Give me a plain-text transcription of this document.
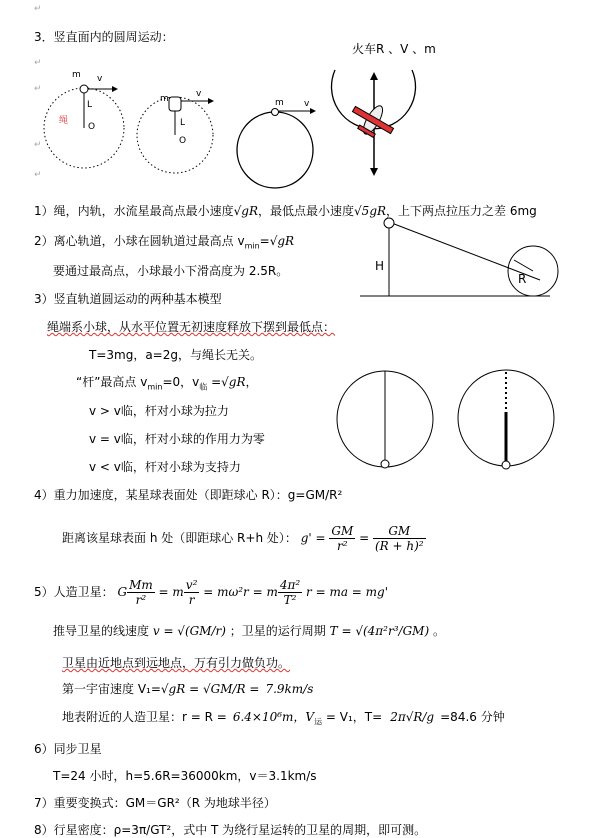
↵
↵
↵
↵
↵
3．竖直面内的圆周运动：
火车R 、V 、m
m v
L
绳
O
m	v
L
O
m v
1）绳，内轨，水流星最高点最小速度√gR，最低点最小速度√5gR，上下两点拉压力之差 6mg
2）离心轨道，小球在圆轨道过最高点 $v_{min}=√gR$
要通过最高点，小球最小下滑高度为 2.5R。	H
R
3）竖直轨道圆运动的两种基本模型
绳端系小球，从水平位置无初速度释放下摆到最低点：
T=3mg，a=2g，与绳长无关。
“杆”最高点 $v_{min}=0$，$v_临 =√gR$，
v > v临，杆对小球为拉力
v = v临，杆对小球的作用力为零
v < v临，杆对小球为支持力
4）重力加速度，某星球表面处（即距球心 R）：g=GM/R²
距离该星球表面 h 处（即距球心 R+h 处）： $g' = \frac{GM}{\text{r²}} = \frac{GM}{\text{(R + h)²}}$
5）人造卫星： G $\frac{Mm}{\text{r²}} = m \frac{\text{v²}}{r} = m\omega^2r = m \frac{\text{4π²}}{\text{T²}}$ r = ma = mg'
推导卫星的线速度 v = √(GM/r) ；卫星的运行周期 T = √(4π²r³/GM) 。
卫星由近地点到远地点，万有引力做负功。
第一宇宙速度 V₁=√gR = √GM/R = 7.9km/s
地表附近的人造卫星：r = R = 6.4×10⁶m，$V_运 = V_1$，T= 2π√R/g =84.6 分钟
6）同步卫星
T=24 小时，h=5.6R=36000km，v＝3.1km/s
7）重要变换式：GM＝GR²（R 为地球半径）
8）行星密度：ρ=3π/GT²，式中 T 为绕行星运转的卫星的周期，即可测。
